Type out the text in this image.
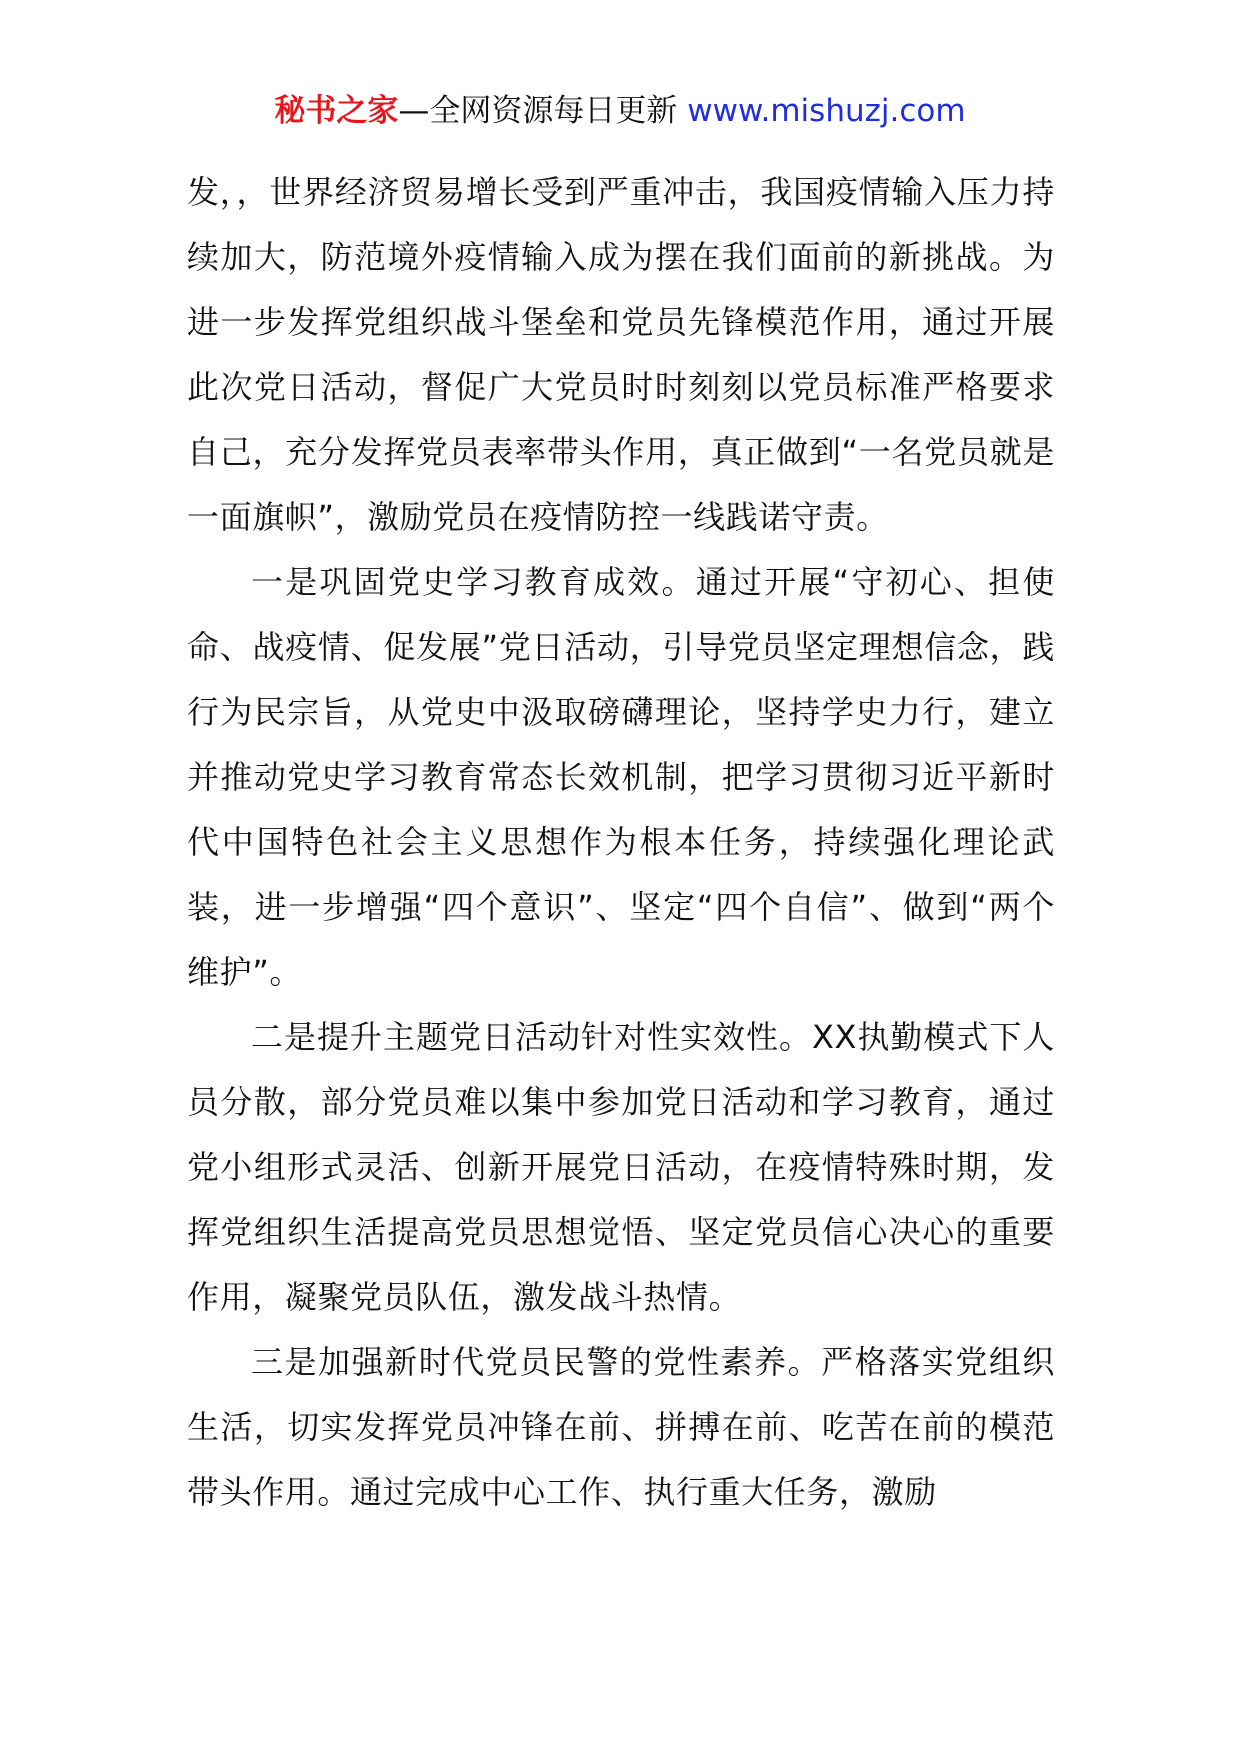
秘书之家—全网资源每日更新 www.mishuzj.com

发，，世界经济贸易增长受到严重冲击，我国疫情输入压力持续加大，防范境外疫情输入成为摆在我们面前的新挑战。为进一步发挥党组织战斗堡垒和党员先锋模范作用，通过开展此次党日活动，督促广大党员时时刻刻以党员标准严格要求自己，充分发挥党员表率带头作用，真正做到“一名党员就是一面旗帜”，激励党员在疫情防控一线践诺守责。

一是巩固党史学习教育成效。通过开展“守初心、担使命、战疫情、促发展”党日活动，引导党员坚定理想信念，践行为民宗旨，从党史中汲取磅礴理论，坚持学史力行，建立并推动党史学习教育常态长效机制，把学习贯彻习近平新时代中国特色社会主义思想作为根本任务，持续强化理论武装，进一步增强“四个意识”、坚定“四个自信”、做到“两个维护”。

二是提升主题党日活动针对性实效性。XX执勤模式下人员分散，部分党员难以集中参加党日活动和学习教育，通过党小组形式灵活、创新开展党日活动，在疫情特殊时期，发挥党组织生活提高党员思想觉悟、坚定党员信心决心的重要作用，凝聚党员队伍，激发战斗热情。

三是加强新时代党员民警的党性素养。严格落实党组织生活，切实发挥党员冲锋在前、拼搏在前、吃苦在前的模范带头作用。通过完成中心工作、执行重大任务，激励
